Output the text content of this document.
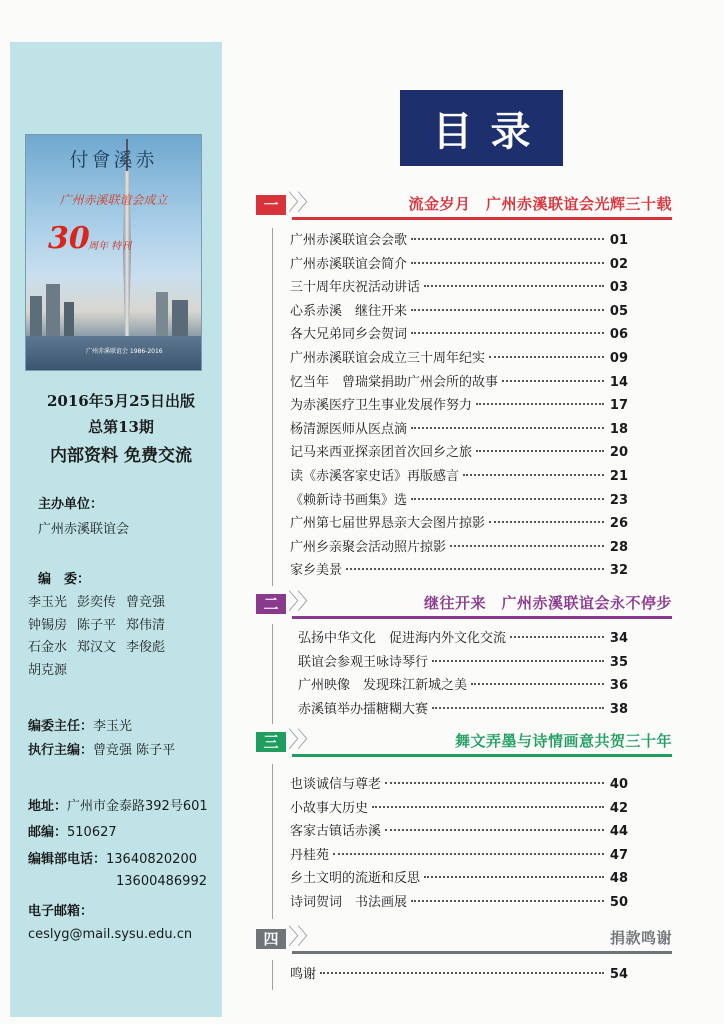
付會溪赤
广州赤溪联谊会成立
30
周年 特刊
广州赤溪联谊会 1986-2016
2016年5月25日出版
总第13期
内部资料 免费交流
主办单位：
广州赤溪联谊会
编　委：
李玉光 彭奕传 曾竞强
钟锡房 陈子平 郑伟清
石金水 郑汉文 李俊彪
胡克源
编委主任：李玉光
执行主编：曾竞强 陈子平
地址：广州市金泰路392号601
邮编：510627
编辑部电话：13640820200
13600486992
电子邮箱：
ceslyg@mail.sysu.edu.cn
目录
一 〉〉	流金岁月　广州赤溪联谊会光辉三十载
广州赤溪联谊会会歌	01
广州赤溪联谊会简介	02
三十周年庆祝活动讲话	03
心系赤溪　继往开来	05
各大兄弟同乡会贺词	06
广州赤溪联谊会成立三十周年纪实	09
忆当年　曾瑞棠捐助广州会所的故事	14
为赤溪医疗卫生事业发展作努力	17
杨清源医师从医点滴	18
记马来西亚探亲团首次回乡之旅	20
读《赤溪客家史话》再版感言	21
《赖新诗书画集》选	23
广州第七届世界恳亲大会图片掠影	26
广州乡亲聚会活动照片掠影	28
家乡美景	32
二 〉〉	继往开来　广州赤溪联谊会永不停步
弘扬中华文化　促进海内外文化交流	34
联谊会参观王咏诗琴行	35
广州映像　发现珠江新城之美	36
赤溪镇举办擂糖糊大赛	38
三 〉〉	舞文弄墨与诗情画意共贺三十年
也谈诚信与尊老	40
小故事大历史	42
客家古镇话赤溪	44
丹桂苑	47
乡土文明的流逝和反思	48
诗词贺词　书法画展	50
四 〉〉	捐款鸣谢
鸣谢	54
